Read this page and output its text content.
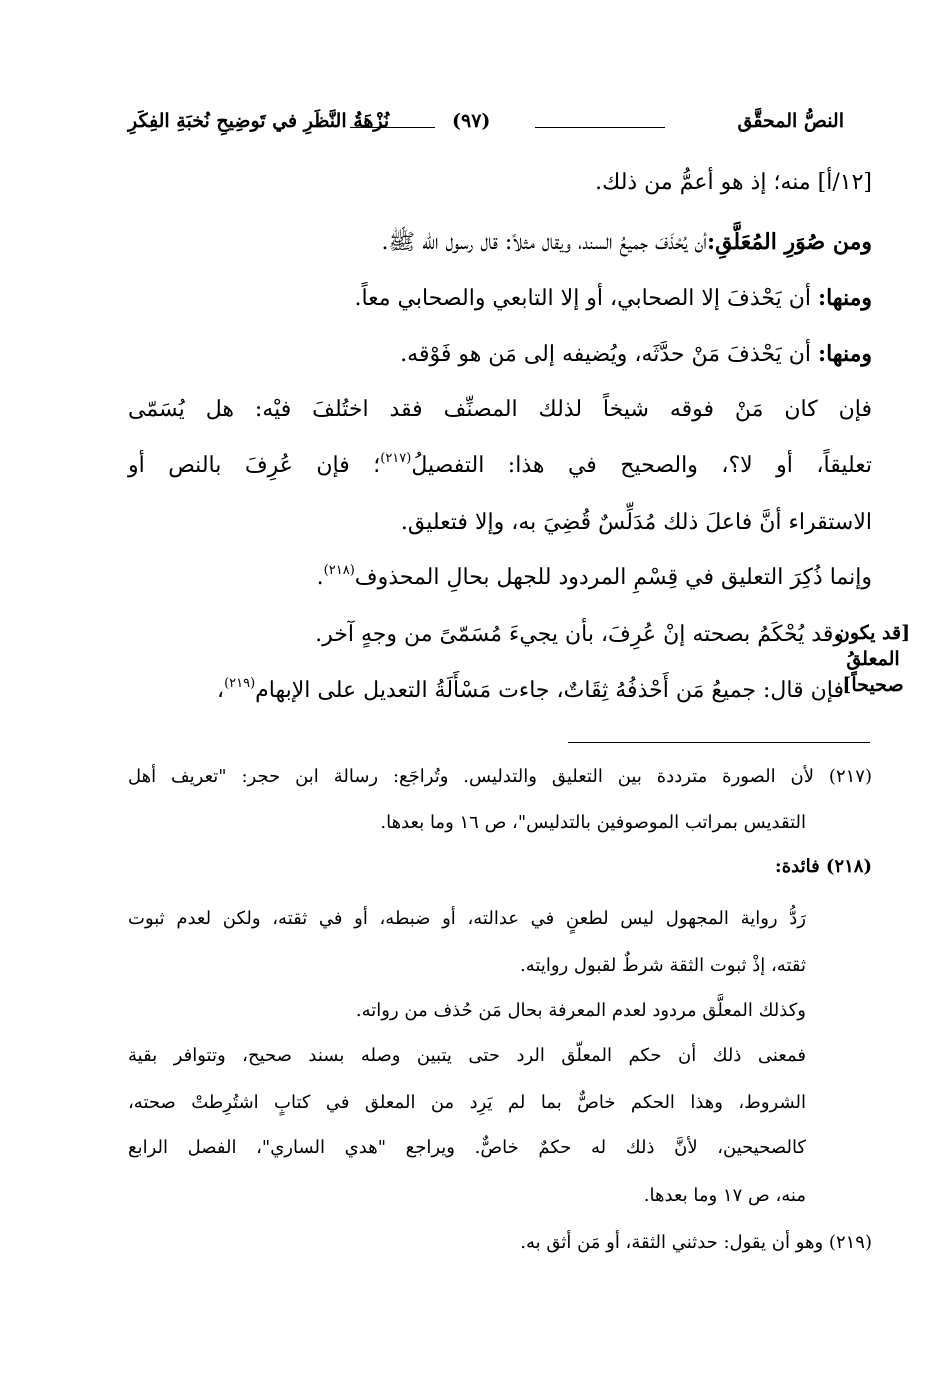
النصُّ المحقَّق
(٩٧)
نُزْهَةُ النَّظَرِ في تَوضِيحِ نُخبَةِ الفِكَرِ
[١٢/أ] منه؛ إذ هو أعمُّ من ذلك.
ومن صُوَرِ المُعَلَّقِ:أن يُحْذَفَ جميعُ السند، ويقال مثلاً: قال رسول الله ﷺ.
ومنها: أن يَحْذفَ إلا الصحابي، أو إلا التابعي والصحابي معاً.
ومنها: أن يَحْذفَ مَنْ حدَّثَه، ويُضيفه إلى مَن هو فَوْقه.
فإن كان مَنْ فوقه شيخاً لذلك المصنِّف فقد اختُلفَ فيْه: هل يُسَمّى
تعليقاً، أو لا؟، والصحيح في هذا: التفصيلُ$^{(٢١٧)}$؛ فإن عُرِفَ بالنص أو
الاستقراء أنَّ فاعلَ ذلك مُدَلِّسٌ قُضِيَ به، وإلا فتعليق.
وإنما ذُكِرَ التعليق في قِسْمِ المردود للجهل بحالِ المحذوف$^{(٢١٨)}$.
وقد يُحْكَمُ بصحته إنْ عُرِفَ، بأن يجيءَ مُسَمّىً من وجهٍ آخر.
فإن قال: جميعُ مَن أَحْذفُهُ ثِقَاتٌ، جاءت مَسْأَلَةُ التعديل على الإبهام$^{(٢١٩)}$،
[قد يكون المعلقُ صحيحاً]
(٢١٧) لأن الصورة مترددة بين التعليق والتدليس. وتُراجَع: رسالة ابن حجر: "تعريف أهل
التقديس بمراتب الموصوفين بالتدليس"، ص ١٦ وما بعدها.
(٢١٨) فائدة:
رَدُّ رواية المجهول ليس لطعنٍ في عدالته، أو ضبطه، أو في ثقته، ولكن لعدم ثبوت
ثقته، إذْ ثبوت الثقة شرطٌ لقبول روايته.
وكذلك المعلَّق مردود لعدم المعرفة بحال مَن حُذف من رواته.
فمعنى ذلك أن حكم المعلّق الرد حتى يتبين وصله بسند صحيح، وتتوافر بقية
الشروط، وهذا الحكم خاصٌّ بما لم يَرِد من المعلق في كتابٍ اشتُرِطتْ صحته،
كالصحيحين، لأنَّ ذلك له حكمٌ خاصٌّ. ويراجع "هدي الساري"، الفصل الرابع
منه، ص ١٧ وما بعدها.
(٢١٩) وهو أن يقول: حدثني الثقة، أو مَن أثق به.
